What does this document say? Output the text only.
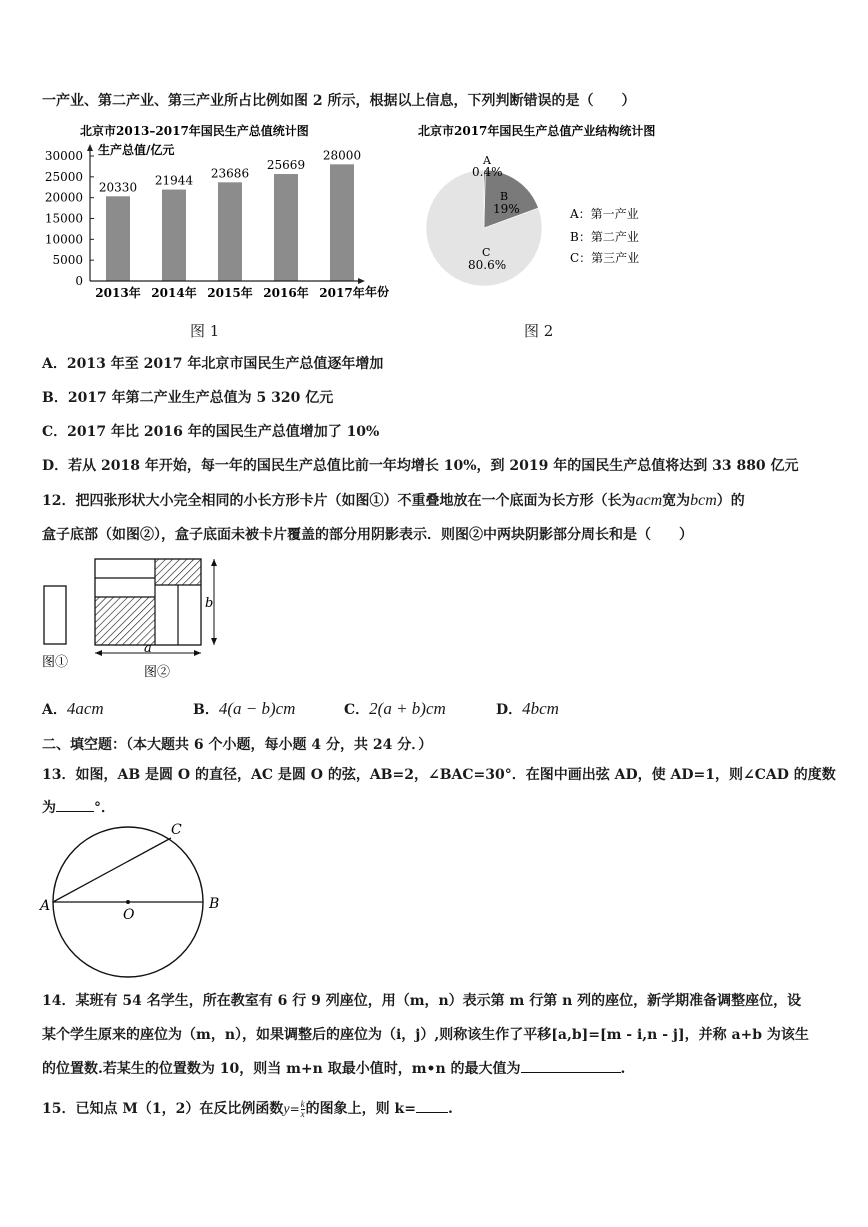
一产业、第二产业、第三产业所占比例如图 2 所示，根据以上信息，下列判断错误的是（　　）
北京市2013–2017年国民生产总值统计图
生产总值/亿元
0
5000
10000
15000
20000
25000
30000
20330 21944
23686
25669
28000
2013年 2014年 2015年 2016年 2017年 年份
图 1
北京市2017年国民生产总值产业结构统计图
A
0.4%
B
19%
C
80.6%
A：第一产业
B：第二产业
C：第三产业
图 2
A．2013 年至 2017 年北京市国民生产总值逐年增加
B．2017 年第二产业生产总值为 5 320 亿元
C．2017 年比 2016 年的国民生产总值增加了 10%
D．若从 2018 年开始，每一年的国民生产总值比前一年均增长 10%，到 2019 年的国民生产总值将达到 33 880 亿元
12．把四张形状大小完全相同的小长方形卡片（如图①）不重叠地放在一个底面为长方形（长为acm宽为bcm）的
盒子底部（如图②），盒子底面未被卡片覆盖的部分用阴影表示．则图②中两块阴影部分周长和是（　　）
图①
b
a
图②
A．4acm	B．4(a − b)cm	C．2(a + b)cm	D．4bcm
二、填空题：（本大题共 6 个小题，每小题 4 分，共 24 分．）
13．如图，AB 是圆 O 的直径，AC 是圆 O 的弦，AB=2，∠BAC=30°．在图中画出弦 AD，使 AD=1，则∠CAD 的度数
为	°．
A	B
C
O
14．某班有 54 名学生，所在教室有 6 行 9 列座位，用（m，n）表示第 m 行第 n 列的座位，新学期准备调整座位，设
某个学生原来的座位为（m，n），如果调整后的座位为（i，j）,则称该生作了平移[a,b]=[m - i,n - j]，并称 a+b 为该生
的位置数.若某生的位置数为 10，则当 m+n 取最小值时，m•n 的最大值为	.
15．已知点 M（1，2）在反比例函数$y= \frac{k}{x}$ 的图象上，则 k= .
